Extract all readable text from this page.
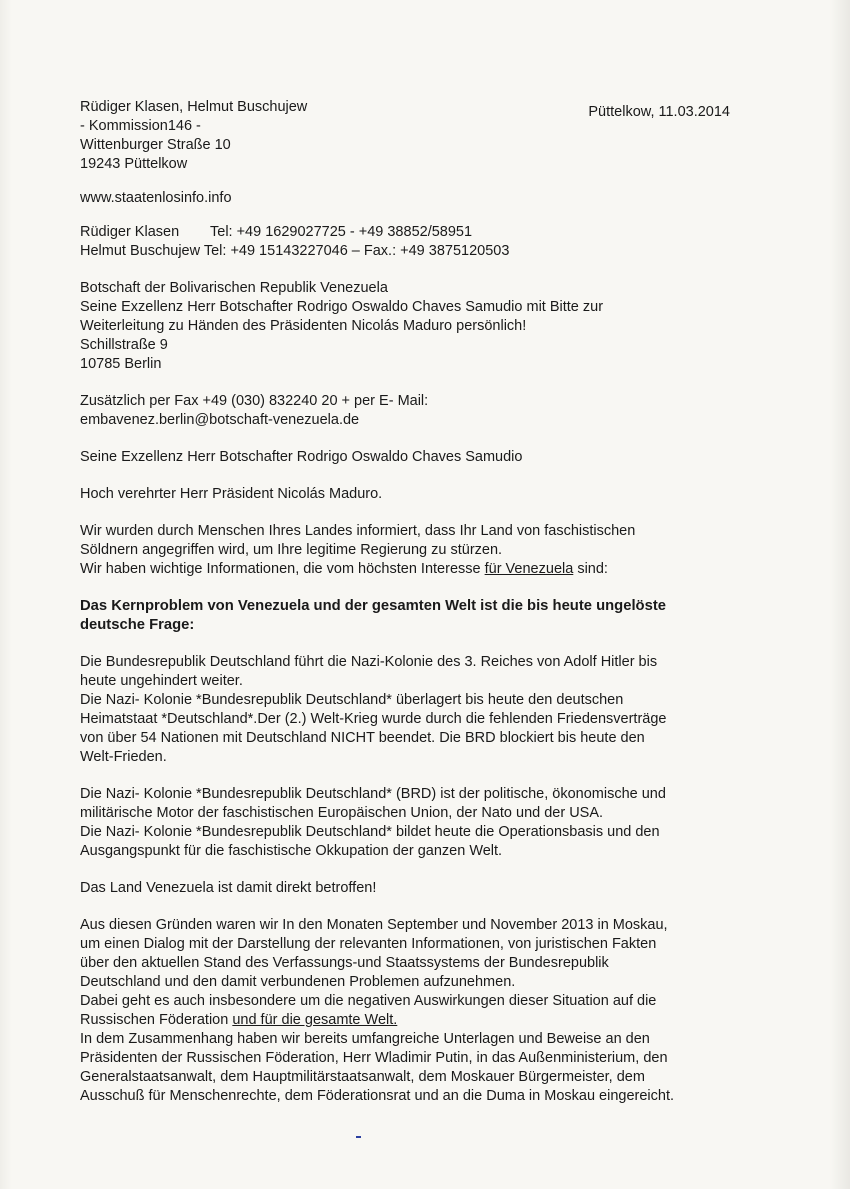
Püttelkow, 11.03.2014
Rüdiger Klasen, Helmut Buschujew
- Kommission146 -
Wittenburger Straße 10
19243 Püttelkow
www.staatenlosinfo.info
Rüdiger Klasen Tel: +49 1629027725 - +49 38852/58951
Helmut Buschujew Tel: +49 15143227046 – Fax.: +49 3875120503
Botschaft der Bolivarischen Republik Venezuela
Seine Exzellenz Herr Botschafter Rodrigo Oswaldo Chaves Samudio mit Bitte zur
Weiterleitung zu Händen des Präsidenten Nicolás Maduro persönlich!
Schillstraße 9
10785 Berlin
Zusätzlich per Fax +49 (030) 832240 20 + per E- Mail:
embavenez.berlin@botschaft-venezuela.de
Seine Exzellenz Herr Botschafter Rodrigo Oswaldo Chaves Samudio
Hoch verehrter Herr Präsident Nicolás Maduro.
Wir wurden durch Menschen Ihres Landes informiert, dass Ihr Land von faschistischen
Söldnern angegriffen wird, um Ihre legitime Regierung zu stürzen.
Wir haben wichtige Informationen, die vom höchsten Interesse für Venezuela sind:
Das Kernproblem von Venezuela und der gesamten Welt ist die bis heute ungelöste
deutsche Frage:
Die Bundesrepublik Deutschland führt die Nazi-Kolonie des 3. Reiches von Adolf Hitler bis
heute ungehindert weiter.
Die Nazi- Kolonie *Bundesrepublik Deutschland* überlagert bis heute den deutschen
Heimatstaat *Deutschland*.Der (2.) Welt-Krieg wurde durch die fehlenden Friedensverträge
von über 54 Nationen mit Deutschland NICHT beendet. Die BRD blockiert bis heute den
Welt-Frieden.
Die Nazi- Kolonie *Bundesrepublik Deutschland* (BRD) ist der politische, ökonomische und
militärische Motor der faschistischen Europäischen Union, der Nato und der USA.
Die Nazi- Kolonie *Bundesrepublik Deutschland* bildet heute die Operationsbasis und den
Ausgangspunkt für die faschistische Okkupation der ganzen Welt.
Das Land Venezuela ist damit direkt betroffen!
Aus diesen Gründen waren wir In den Monaten September und November 2013 in Moskau,
um einen Dialog mit der Darstellung der relevanten Informationen, von juristischen Fakten
über den aktuellen Stand des Verfassungs-und Staatssystems der Bundesrepublik
Deutschland und den damit verbundenen Problemen aufzunehmen.
Dabei geht es auch insbesondere um die negativen Auswirkungen dieser Situation auf die
Russischen Föderation und für die gesamte Welt.
In dem Zusammenhang haben wir bereits umfangreiche Unterlagen und Beweise an den
Präsidenten der Russischen Föderation, Herr Wladimir Putin, in das Außenministerium, den
Generalstaatsanwalt, dem Hauptmilitärstaatsanwalt, dem Moskauer Bürgermeister, dem
Ausschuß für Menschenrechte, dem Föderationsrat und an die Duma in Moskau eingereicht.
